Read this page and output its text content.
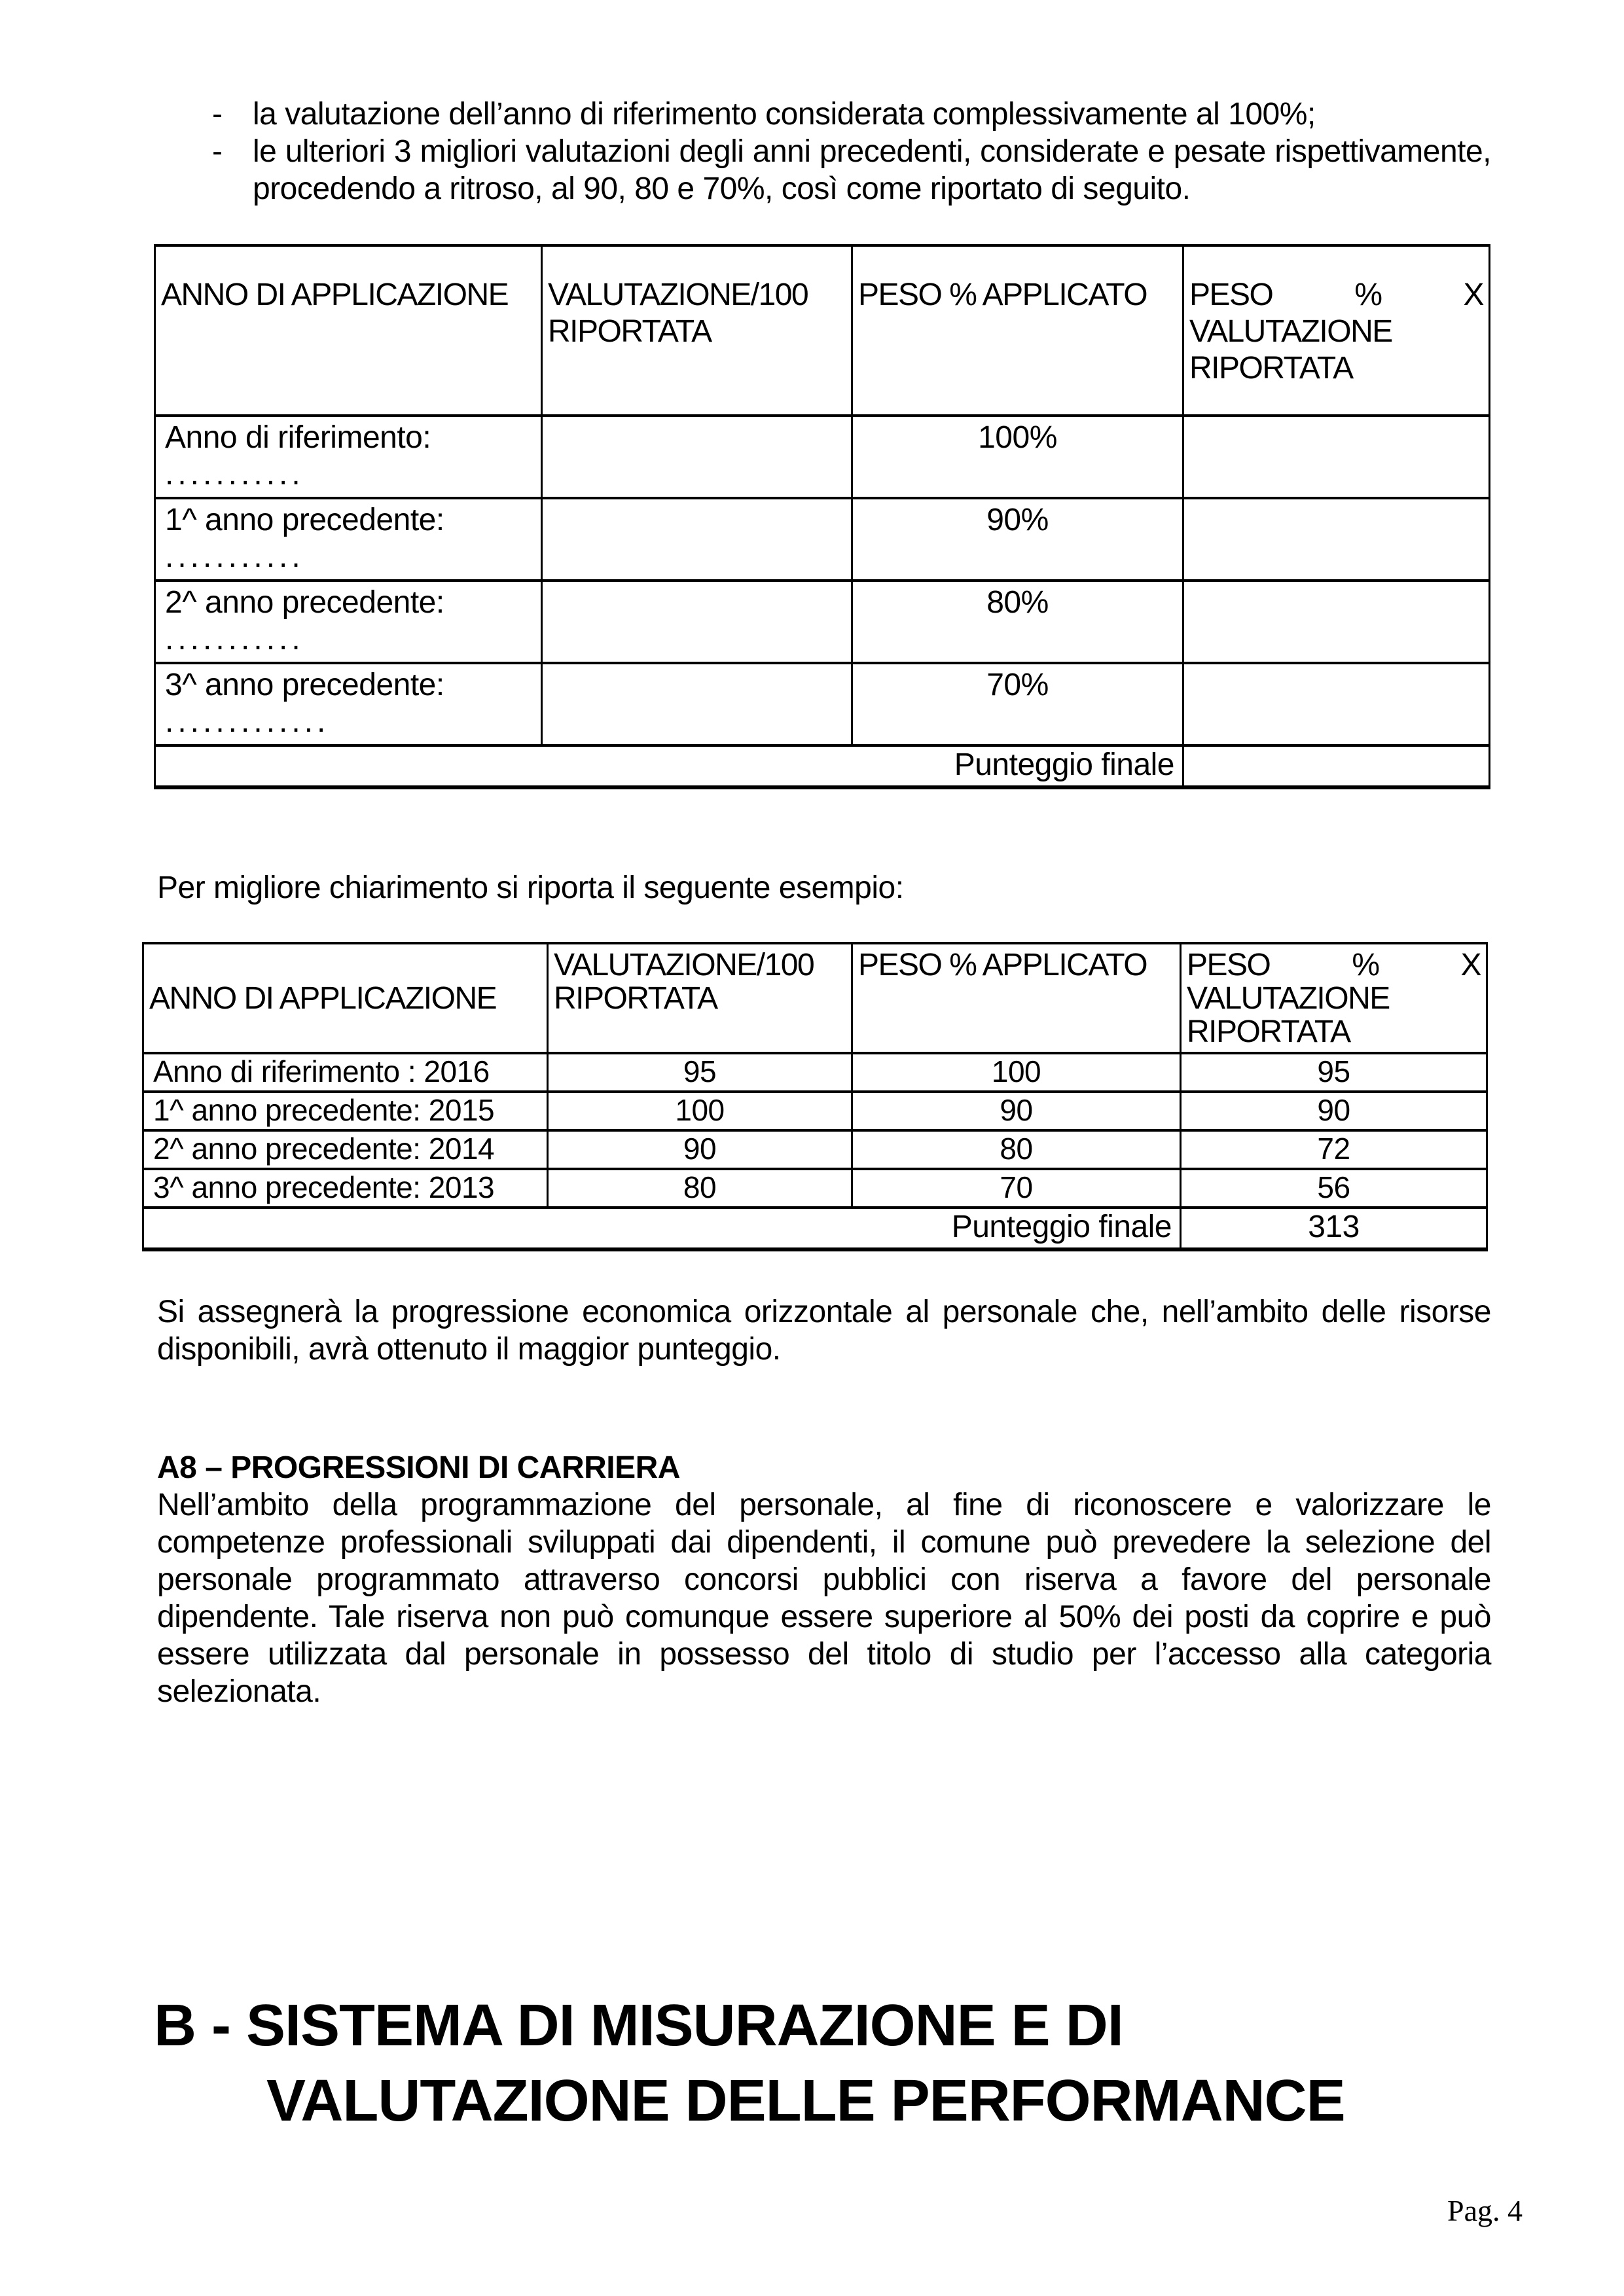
- la valutazione dell’anno di riferimento considerata complessivamente al 100%;
- le ulteriori 3 migliori valutazioni degli anni precedenti, considerate e pesate rispettivamente, procedendo a ritroso, al 90, 80 e 70%, così come riportato di seguito.
ANNO DI APPLICAZIONE	VALUTAZIONE/100 RIPORTATA	PESO % APPLICATO	PESO % X VALUTAZIONE RIPORTATA

Anno di riferimento:
...........		100%	

1^ anno precedente:
...........		90%	

2^ anno precedente:
...........		80%	

3^ anno precedente:
.............		70%	
Punteggio finale			

Per migliore chiarimento si riporta il seguente esempio:

ANNO DI APPLICAZIONE	VALUTAZIONE/100 RIPORTATA	PESO % APPLICATO	PESO % X VALUTAZIONE RIPORTATA
Anno di riferimento : 2016	95	100	95
1^ anno precedente: 2015	100	90	90
2^ anno precedente: 2014	90	80	72
3^ anno precedente: 2013	80	70	56
Punteggio finale			313

Si assegnerà la progressione economica orizzontale al personale che, nell’ambito delle risorse disponibili, avrà ottenuto il maggior punteggio.

A8 – PROGRESSIONI DI CARRIERA

Nell’ambito della programmazione del personale, al fine di riconoscere e valorizzare le competenze professionali sviluppati dai dipendenti, il comune può prevedere la selezione del personale programmato attraverso concorsi pubblici con riserva a favore del personale dipendente. Tale riserva non può comunque essere superiore al 50% dei posti da coprire e può essere utilizzata dal personale in possesso del titolo di studio per l’accesso alla categoria selezionata.

B - SISTEMA DI MISURAZIONE E DI
VALUTAZIONE DELLE PERFORMANCE
Pag. 4
